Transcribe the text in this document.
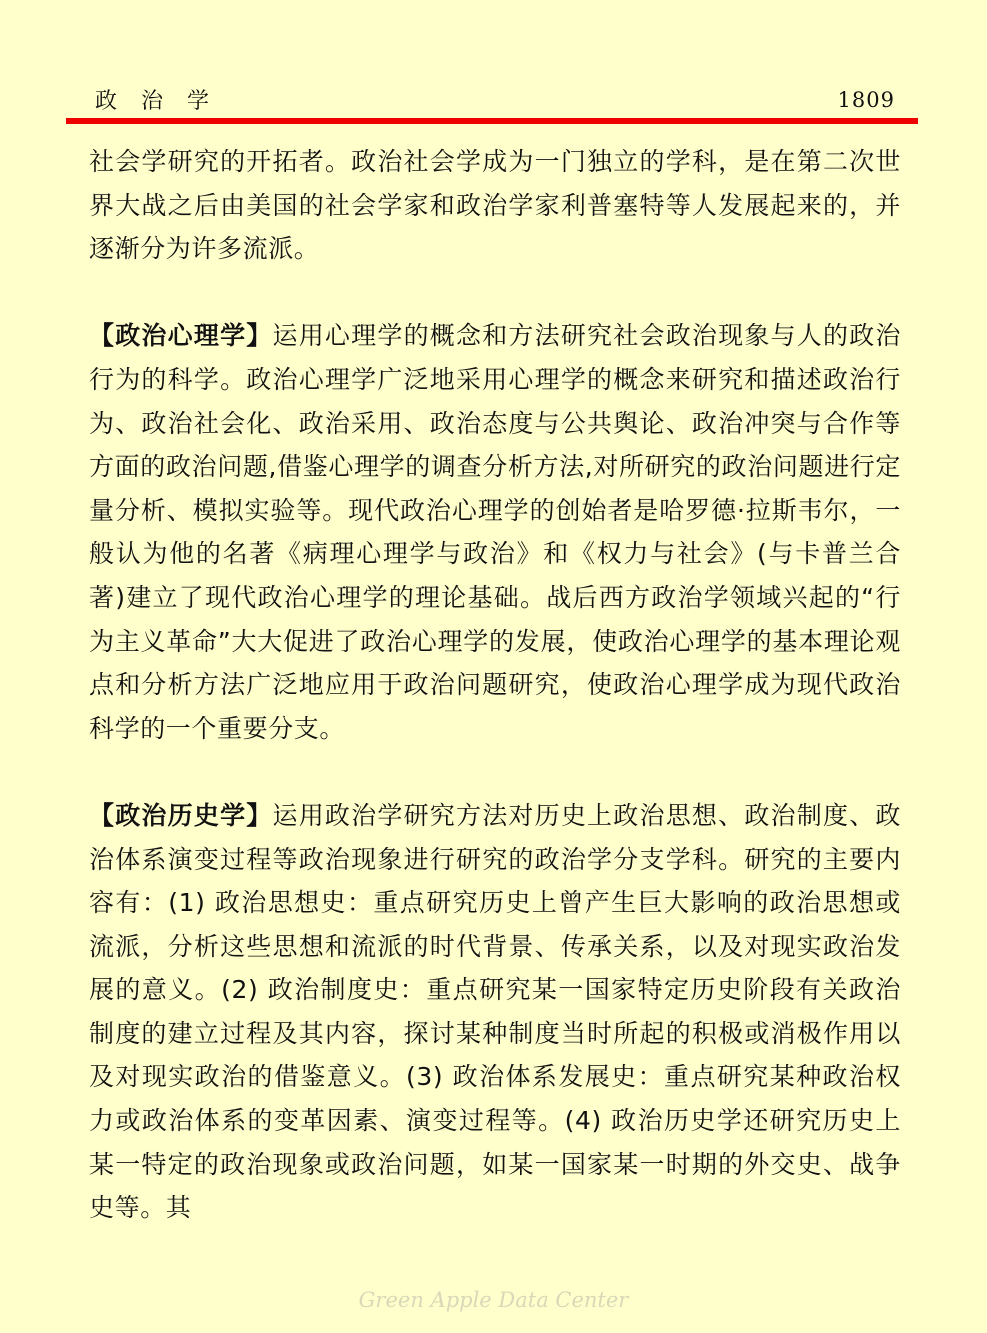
政治学	1809

社会学研究的开拓者。政治社会学成为一门独立的学科，是在第二次世界大战之后由美国的社会学家和政治学家利普塞特等人发展起来的，并逐渐分为许多流派。

【政治心理学】运用心理学的概念和方法研究社会政治现象与人的政治行为的科学。政治心理学广泛地采用心理学的概念来研究和描述政治行为、政治社会化、政治采用、政治态度与公共舆论、政治冲突与合作等方面的政治问题,借鉴心理学的调查分析方法,对所研究的政治问题进行定量分析、模拟实验等。现代政治心理学的创始者是哈罗德·拉斯韦尔，一般认为他的名著《病理心理学与政治》和《权力与社会》(与卡普兰合著)建立了现代政治心理学的理论基础。战后西方政治学领域兴起的“行为主义革命”大大促进了政治心理学的发展，使政治心理学的基本理论观点和分析方法广泛地应用于政治问题研究，使政治心理学成为现代政治科学的一个重要分支。

【政治历史学】运用政治学研究方法对历史上政治思想、政治制度、政治体系演变过程等政治现象进行研究的政治学分支学科。研究的主要内容有：(1) 政治思想史：重点研究历史上曾产生巨大影响的政治思想或流派，分析这些思想和流派的时代背景、传承关系，以及对现实政治发展的意义。(2) 政治制度史：重点研究某一国家特定历史阶段有关政治制度的建立过程及其内容，探讨某种制度当时所起的积极或消极作用以及对现实政治的借鉴意义。(3) 政治体系发展史：重点研究某种政治权力或政治体系的变革因素、演变过程等。(4) 政治历史学还研究历史上某一特定的政治现象或政治问题，如某一国家某一时期的外交史、战争史等。其

Green Apple Data Center
